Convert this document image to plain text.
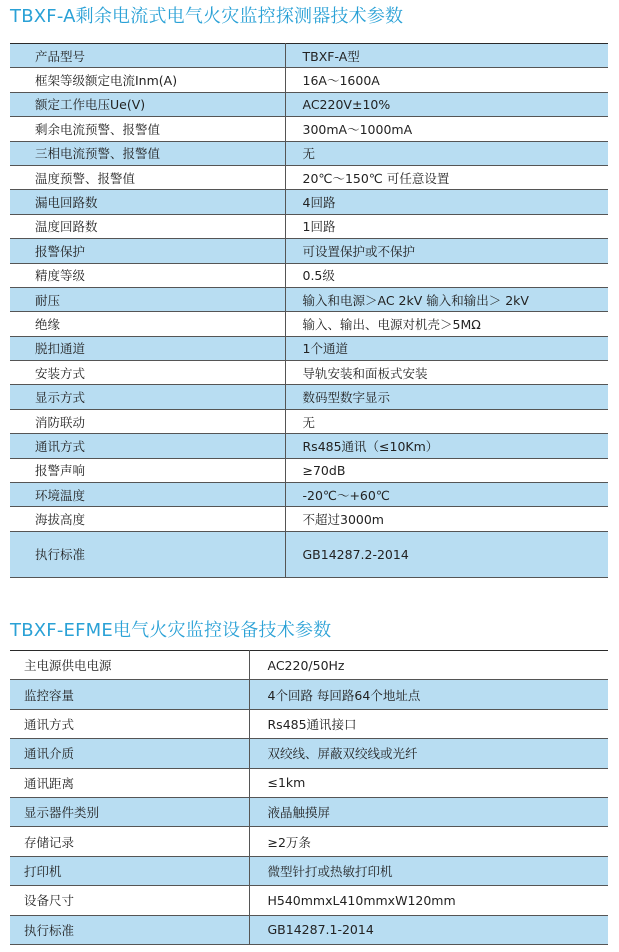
TBXF-A剩余电流式电气火灾监控探测器技术参数
产品型号	TBXF-A型
框架等级额定电流Inm(A)	16A～1600A
额定工作电压Ue(V)	AC220V±10%
剩余电流预警、报警值	300mA～1000mA
三相电流预警、报警值	无
温度预警、报警值	20℃～150℃ 可任意设置
漏电回路数	4回路
温度回路数	1回路
报警保护	可设置保护或不保护
精度等级	0.5级
耐压	输入和电源＞AC 2kV 输入和输出＞ 2kV
绝缘	输入、输出、电源对机壳＞5MΩ
脱扣通道	1个通道
安装方式	导轨安装和面板式安装
显示方式	数码型数字显示
消防联动	无
通讯方式	Rs485通讯（≤10Km）
报警声响	≥70dB
环境温度	-20℃～+60℃
海拔高度	不超过3000m
执行标准	GB14287.2-2014
TBXF-EFME电气火灾监控设备技术参数
主电源供电电源	AC220/50Hz
监控容量	4个回路 每回路64个地址点
通讯方式	Rs485通讯接口
通讯介质	双绞线、屏蔽双绞线或光纤
通讯距离	≤1km
显示器件类别	液晶触摸屏
存储记录	≥2万条
打印机	微型针打或热敏打印机
设备尺寸	H540mmxL410mmxW120mm
执行标准	GB14287.1-2014
